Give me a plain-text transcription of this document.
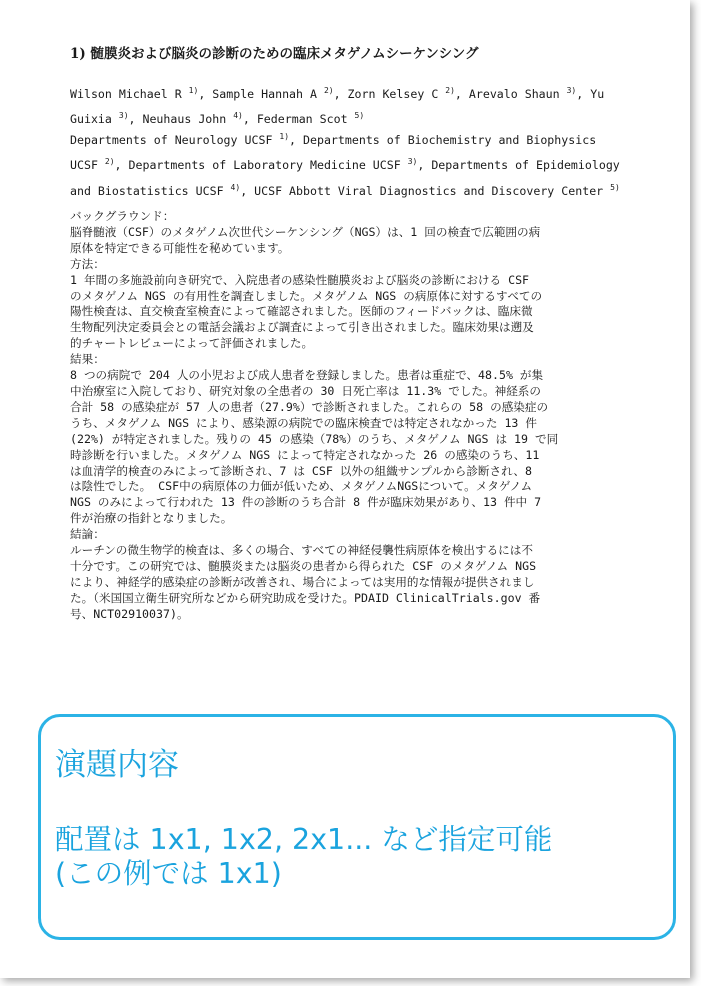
1) 髄膜炎および脳炎の診断のための臨床メタゲノムシーケンシング
Wilson Michael R $^{1)}$, Sample Hannah A $^{2)}$, Zorn Kelsey C $^{2)}$, Arevalo Shaun $^{3)}$, Yu
Guixia $^{3)}$, Neuhaus John $^{4)}$, Federman Scot $^{5)}$
Departments of Neurology UCSF $^{1)}$, Departments of Biochemistry and Biophysics
UCSF $^{2)}$, Departments of Laboratory Medicine UCSF $^{3)}$, Departments of Epidemiology
and Biostatistics UCSF $^{4)}$, UCSF Abbott Viral Diagnostics and Discovery Center $^{5)}$

バックグラウンド：

脳脊髄液（CSF）のメタゲノム次世代シーケンシング（NGS）は、1 回の検査で広範囲の病

原体を特定できる可能性を秘めています。

方法：

1 年間の多施設前向き研究で、入院患者の感染性髄膜炎および脳炎の診断における CSF

のメタゲノム NGS の有用性を調査しました。メタゲノム NGS の病原体に対するすべての

陽性検査は、直交検査室検査によって確認されました。医師のフィードバックは、臨床微

生物配列決定委員会との電話会議および調査によって引き出されました。臨床効果は遡及

的チャートレビューによって評価されました。

結果：

8 つの病院で 204 人の小児および成人患者を登録しました。患者は重症で、48.5% が集

中治療室に入院しており、研究対象の全患者の 30 日死亡率は 11.3% でした。神経系の

合計 58 の感染症が 57 人の患者（27.9%）で診断されました。これらの 58 の感染症の

うち、メタゲノム NGS により、感染源の病院での臨床検査では特定されなかった 13 件

(22%) が特定されました。残りの 45 の感染（78%）のうち、メタゲノム NGS は 19 で同

時診断を行いました。メタゲノム NGS によって特定されなかった 26 の感染のうち、11

は血清学的検査のみによって診断され、7 は CSF 以外の組織サンプルから診断され、8

は陰性でした。 CSF中の病原体の力価が低いため、メタゲノムNGSについて。メタゲノム

NGS のみによって行われた 13 件の診断のうち合計 8 件が臨床効果があり、13 件中 7

件が治療の指針となりました。

結論：

ルーチンの微生物学的検査は、多くの場合、すべての神経侵襲性病原体を検出するには不

十分です。この研究では、髄膜炎または脳炎の患者から得られた CSF のメタゲノム NGS

により、神経学的感染症の診断が改善され、場合によっては実用的な情報が提供されまし

た。（米国国立衛生研究所などから研究助成を受けた。PDAID ClinicalTrials.gov 番

号、NCT02910037)。

演題内容
配置は 1x1, 1x2, 2x1... など指定可能
(この例では 1x1)
